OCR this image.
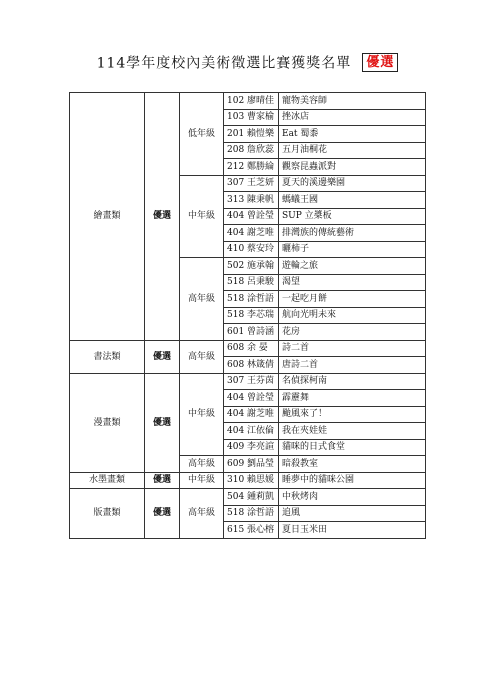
114學年度校內美術徵選比賽獲獎名單 優選
繪畫類	優選	低年級	102 廖晴佳	寵物美容師
			103 曹家榆	挫冰店
			201 賴愷樂	Eat 蜀黍
			208 詹欣蕊	五月油桐花
			212 鄭勝綸	觀察昆蟲派對
		中年級	307 王芝妍	夏天的溪邊樂園
			313 陳秉帆	螞蟻王國
			404 曾詮瑩	SUP 立槳板
			404 謝芝唯	排灣族的傳統藝術
			410 蔡安玲	曬柿子
		高年級	502 施承翰	遊輪之旅
			518 呂秉駿	渴望
			518 涂哲語	一起吃月餅
			518 李芯瑞	航向光明未來
			601 曾詩涵	花房
書法類	優選	高年級	608 余 晏	詩二首
			608 林箴倩	唐詩二首
漫畫類	優選	中年級	307 王芬茵	名偵探柯南
			404 曾詮瑩	霹靂舞
			404 謝芝唯	颱風來了！
			404 江依倫	我在夾娃娃
			409 李亮諠	貓咪的日式食堂
		高年級	609 劉品瑩	暗殺教室
水墨畫類	優選	中年級	310 賴思媛	睡夢中的貓咪公園
版畫類	優選	高年級	504 鍾莉凱	中秋烤肉
			518 涂哲語	追風
			615 張心榕	夏日玉米田
